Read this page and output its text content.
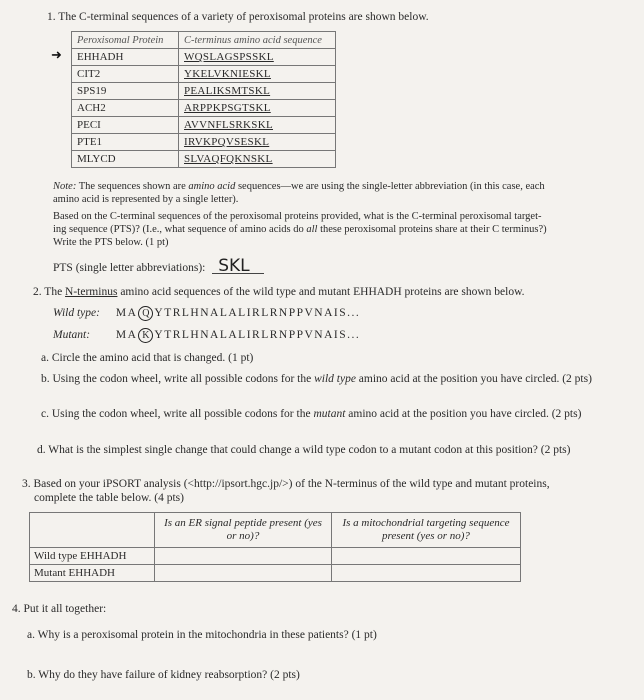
1. The C-terminal sequences of a variety of peroxisomal proteins are shown below.
➜
Peroxisomal Protein	C-terminus amino acid sequence
EHHADH	WQSLAGSPSSKL
CIT2	YKELVKNIESKL
SPS19	PEALIKSMTSKL
ACH2	ARPPKPSGTSKL
PECI	AVVNFLSRKSKL
PTE1	IRVKPQVSESKL
MLYCD	SLVAQFQKNSKL
Note: The sequences shown are amino acid sequences—we are using the single-letter abbreviation (in this case, each
amino acid is represented by a single letter).
Based on the C-terminal sequences of the peroxisomal proteins provided, what is the C-terminal peroxisomal target-
ing sequence (PTS)? (I.e., what sequence of amino acids do all these peroxisomal proteins share at their C terminus?)
Write the PTS below. (1 pt)
PTS (single letter abbreviations): SKL
2. The N-terminus amino acid sequences of the wild type and mutant EHHADH proteins are shown below.
Wild type: MA Q YTRLHNALALIRLRNPPVNAIS...
Mutant: MA K YTRLHNALALIRLRNPPVNAIS...
a. Circle the amino acid that is changed. (1 pt)
b. Using the codon wheel, write all possible codons for the wild type amino acid at the position you have circled. (2 pts)
c. Using the codon wheel, write all possible codons for the mutant amino acid at the position you have circled. (2 pts)
d. What is the simplest single change that could change a wild type codon to a mutant codon at this position? (2 pts)
3. Based on your iPSORT analysis (<http://ipsort.hgc.jp/>) of the N-terminus of the wild type and mutant proteins,
complete the table below. (4 pts)
	Is an ER signal peptide present (yes or no)?	Is a mitochondrial targeting sequence present (yes or no)?
Wild type EHHADH		
Mutant EHHADH		
4. Put it all together:
a. Why is a peroxisomal protein in the mitochondria in these patients? (1 pt)
b. Why do they have failure of kidney reabsorption? (2 pts)
